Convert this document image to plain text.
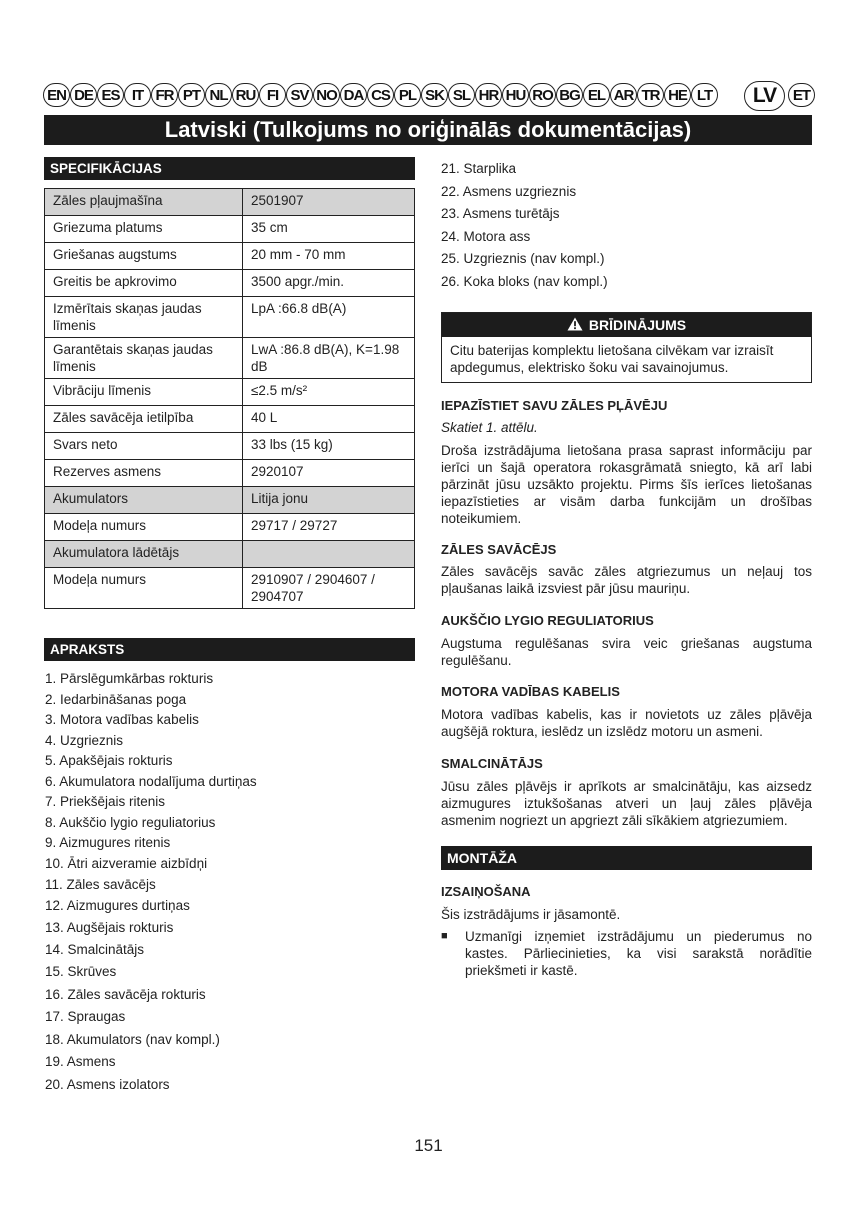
EN DE ES IT FR PT NL RU FI SV NO DA CS PL SK SL HR HU RO BG EL AR TR HE LT	LV	ET
Latviski (Tulkojums no oriģinālās dokumentācijas)
SPECIFIKĀCIJAS
Zāles pļaujmašīna	2501907
Griezuma platums	35 cm
Griešanas augstums	20 mm - 70 mm
Greitis be apkrovimo	3500 apgr./min.
Izmērītais skaņas jaudas līmenis	LpA :66.8 dB(A)
Garantētais skaņas jaudas līmenis	LwA :86.8 dB(A), K=1.98 dB
Vibrāciju līmenis	≤2.5 m/s²
Zāles savācēja ietilpība	40 L
Svars neto	33 lbs (15 kg)
Rezerves asmens	2920107
Akumulators	Litija jonu
Modeļa numurs	29717 / 29727
Akumulatora lādētājs	
Modeļa numurs	2910907 / 2904607 / 2904707
APRAKSTS
1. Pārslēgumkārbas rokturis
2. Iedarbināšanas poga
3. Motora vadības kabelis
4. Uzgrieznis
5. Apakšējais rokturis
6. Akumulatora nodalījuma durtiņas
7. Priekšējais ritenis
8. Aukščio lygio reguliatorius
9. Aizmugures ritenis
10. Ātri aizveramie aizbīdņi
11. Zāles savācējs
12. Aizmugures durtiņas
13. Augšējais rokturis
14. Smalcinātājs
15. Skrūves
16. Zāles savācēja rokturis
17. Spraugas
18. Akumulators (nav kompl.)
19. Asmens
20. Asmens izolators
21. Starplika
22. Asmens uzgrieznis
23. Asmens turētājs
24. Motora ass
25. Uzgrieznis (nav kompl.)
26. Koka bloks (nav kompl.)
BRĪDINĀJUMS
Citu baterijas komplektu lietošana cilvēkam var izraisīt apdegumus, elektrisko šoku vai savainojumus.
IEPAZĪSTIET SAVU ZĀLES PĻĀVĒJU
Skatiet 1. attēlu.
Droša izstrādājuma lietošana prasa saprast informāciju par ierīci un šajā operatora rokasgrāmatā sniegto, kā arī labi pārzināt jūsu uzsākto projektu. Pirms šīs ierīces lietošanas iepazīstieties ar visām darba funkcijām un drošības noteikumiem.
ZĀLES SAVĀCĒJS
Zāles savācējs savāc zāles atgriezumus un neļauj tos pļaušanas laikā izsviest pār jūsu mauriņu.
AUKŠČIO LYGIO REGULIATORIUS
Augstuma regulēšanas svira veic griešanas augstuma regulēšanu.
MOTORA VADĪBAS KABELIS
Motora vadības kabelis, kas ir novietots uz zāles pļāvēja augšējā roktura, ieslēdz un izslēdz motoru un asmeni.
SMALCINĀTĀJS
Jūsu zāles pļāvējs ir aprīkots ar smalcinātāju, kas aizsedz aizmugures iztukšošanas atveri un ļauj zāles pļāvēja asmenim nogriezt un apgriezt zāli sīkākiem atgriezumiem.
MONTĀŽA
IZSAIŅOŠANA
Šis izstrādājums ir jāsamontē.
■	Uzmanīgi izņemiet izstrādājumu un piederumus no kastes. Pārliecinieties, ka visi sarakstā norādītie priekšmeti ir kastē.
151
